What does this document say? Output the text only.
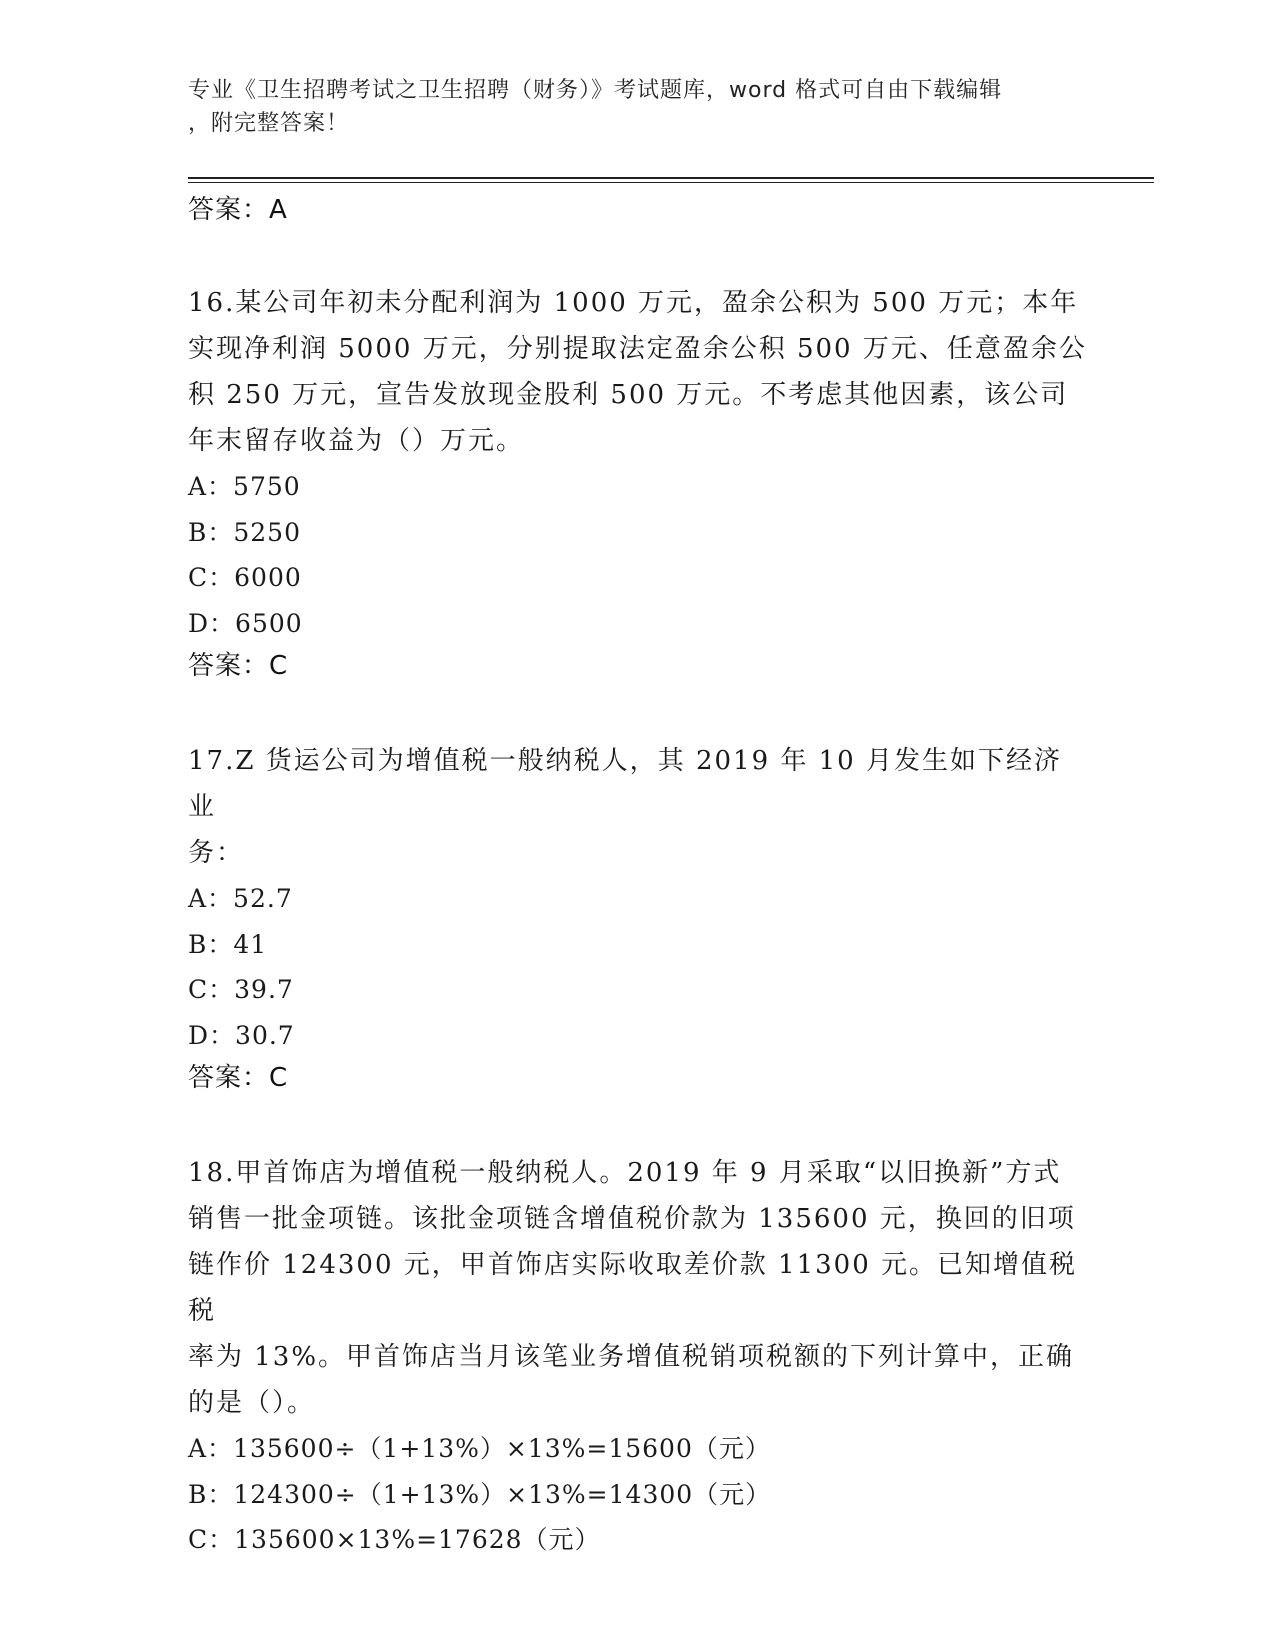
专业《卫生招聘考试之卫生招聘（财务）》考试题库，word 格式可自由下载编辑
，附完整答案！

答案：A

16.某公司年初未分配利润为 1000 万元，盈余公积为 500 万元；本年

实现净利润 5000 万元，分别提取法定盈余公积 500 万元、任意盈余公

积 250 万元，宣告发放现金股利 500 万元。不考虑其他因素，该公司

年末留存收益为（）万元。

A：5750

B：5250

C：6000

D：6500

答案：C

17.Z 货运公司为增值税一般纳税人，其 2019 年 10 月发生如下经济业

务：

A：52.7

B：41

C：39.7

D：30.7

答案：C

18.甲首饰店为增值税一般纳税人。2019 年 9 月采取“以旧换新”方式

销售一批金项链。该批金项链含增值税价款为 135600 元，换回的旧项

链作价 124300 元，甲首饰店实际收取差价款 11300 元。已知增值税税

率为 13%。甲首饰店当月该笔业务增值税销项税额的下列计算中，正确

的是（）。

A：135600÷（1+13%）×13%=15600（元）

B：124300÷（1+13%）×13%=14300（元）

C：135600×13%=17628（元）
